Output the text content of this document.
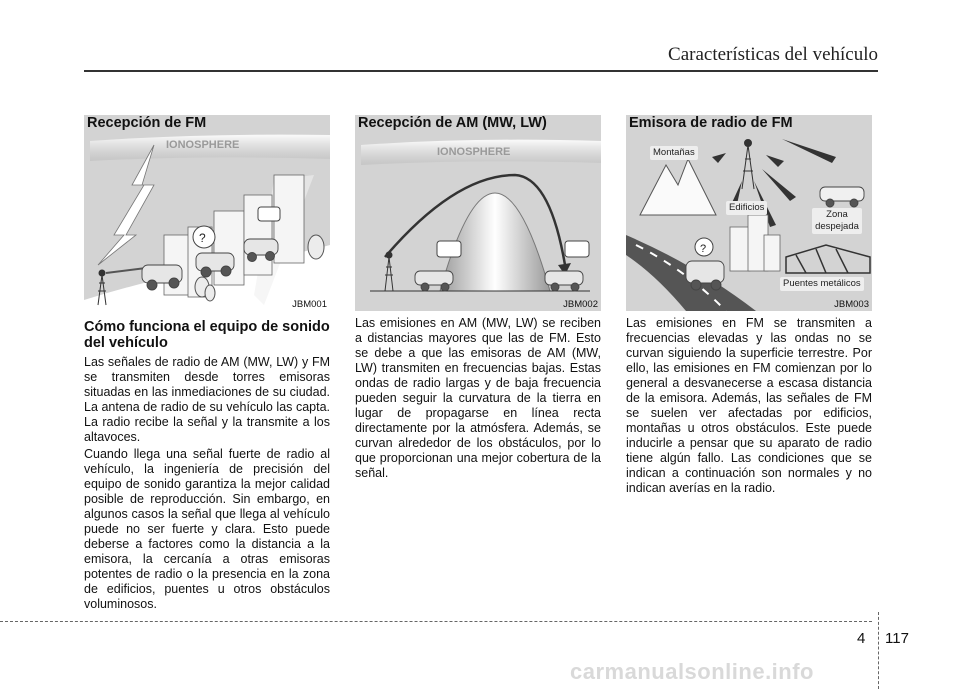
Características del vehículo
Recepción de FM
IONOSPHERE
?
JBM001
Cómo funciona el equipo de sonido del vehículo

Las señales de radio de AM (MW, LW) y FM se transmiten desde torres emisoras situadas en las inmediaciones de su ciudad. La antena de radio de su vehículo las capta. La radio recibe la señal y la transmite a los altavoces.

Cuando llega una señal fuerte de radio al vehículo, la ingeniería de precisión del equipo de sonido garantiza la mejor calidad posible de reproducción. Sin embargo, en algunos casos la señal que llega al vehículo puede no ser fuerte y clara. Esto puede deberse a factores como la distancia a la emisora, la cercanía a otras emisoras potentes de radio o la presencia en la zona de edificios, puentes u otros obstáculos voluminosos.

Recepción de AM (MW, LW)
IONOSPHERE
JBM002

Las emisiones en AM (MW, LW) se reciben a distancias mayores que las de FM. Esto se debe a que las emisoras de AM (MW, LW) transmiten en frecuencias bajas. Estas ondas de radio largas y de baja frecuencia pueden seguir la curvatura de la tierra en lugar de propagarse en línea recta directamente por la atmósfera. Además, se curvan alrededor de los obstáculos, por lo que proporcionan una mejor cobertura de la señal.

Emisora de radio de FM
?
Montañas
Edificios
Zona despejada
Puentes metálicos
JBM003

Las emisiones en FM se transmiten a frecuencias elevadas y las ondas no se curvan siguiendo la superficie terrestre. Por ello, las emisiones en FM comienzan por lo general a desvanecerse a escasa distancia de la emisora. Además, las señales de FM se suelen ver afectadas por edificios, montañas u otros obstáculos. Este puede inducirle a pensar que su aparato de radio tiene algún fallo. Las condiciones que se indican a continuación son normales y no indican averías en la radio.

4 117
carmanualsonline.info
